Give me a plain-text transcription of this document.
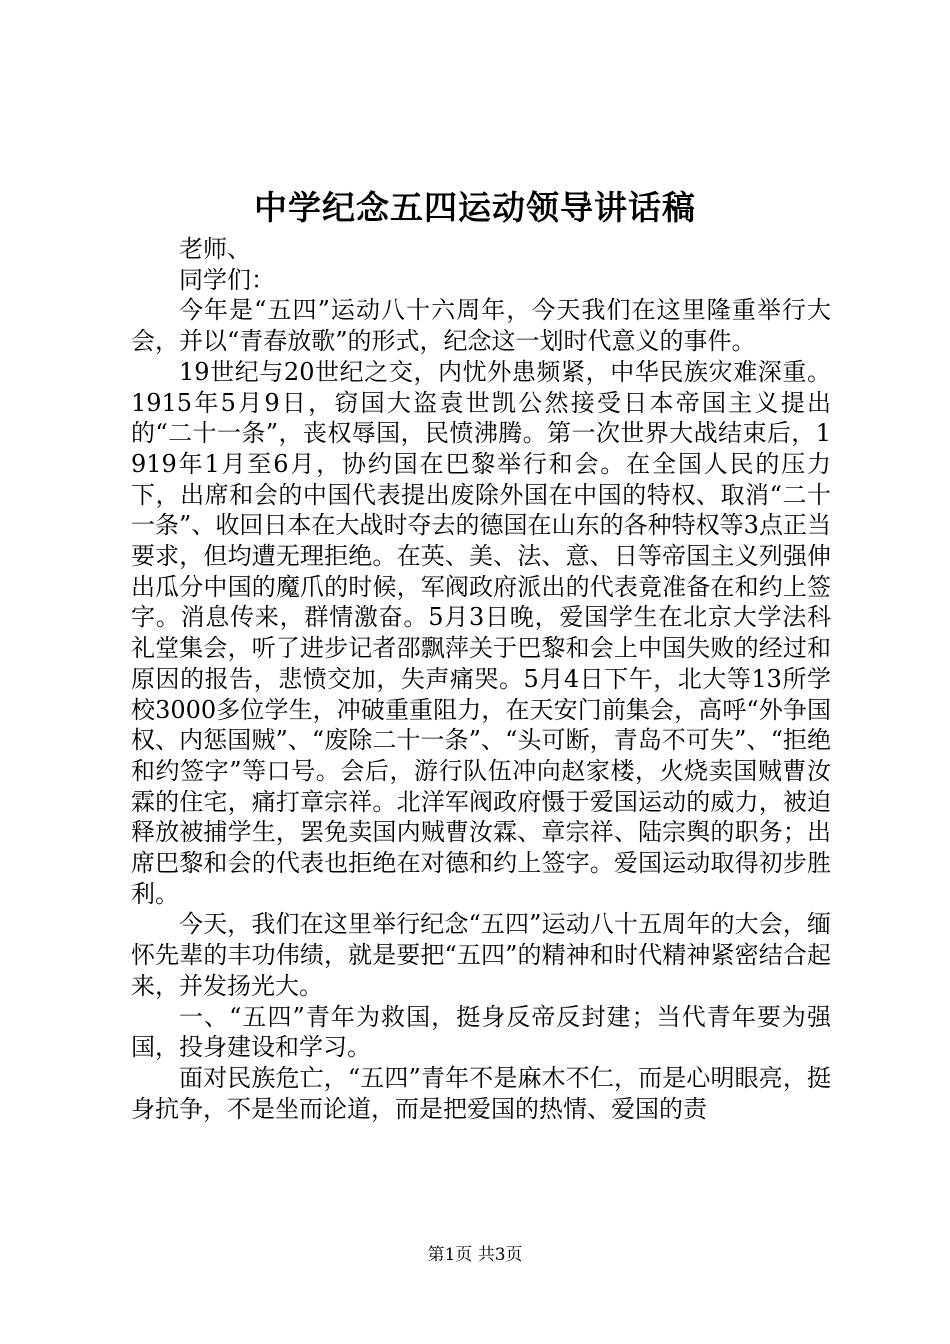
中学纪念五四运动领导讲话稿

老师、

同学们：

今年是“五四”运动八十六周年，今天我们在这里隆重举行大会，并以“青春放歌”的形式，纪念这一划时代意义的事件。

19世纪与20世纪之交，内忧外患频紧，中华民族灾难深重。1915年5月9日，窃国大盗袁世凯公然接受日本帝国主义提出的“二十一条”，丧权辱国，民愤沸腾。第一次世界大战结束后，1919年1月至6月，协约国在巴黎举行和会。在全国人民的压力下，出席和会的中国代表提出废除外国在中国的特权、取消“二十一条”、收回日本在大战时夺去的德国在山东的各种特权等3点正当要求，但均遭无理拒绝。在英、美、法、意、日等帝国主义列强伸出瓜分中国的魔爪的时候，军阀政府派出的代表竟准备在和约上签字。消息传来，群情激奋。5月3日晚，爱国学生在北京大学法科礼堂集会，听了进步记者邵飘萍关于巴黎和会上中国失败的经过和原因的报告，悲愤交加，失声痛哭。5月4日下午，北大等13所学校3000多位学生，冲破重重阻力，在天安门前集会，高呼“外争国权、内惩国贼”、“废除二十一条”、“头可断，青岛不可失”、“拒绝和约签字”等口号。会后，游行队伍冲向赵家楼，火烧卖国贼曹汝霖的住宅，痛打章宗祥。北洋军阀政府慑于爱国运动的威力，被迫释放被捕学生，罢免卖国内贼曹汝霖、章宗祥、陆宗舆的职务；出席巴黎和会的代表也拒绝在对德和约上签字。爱国运动取得初步胜利。

今天，我们在这里举行纪念“五四”运动八十五周年的大会，缅怀先辈的丰功伟绩，就是要把“五四”的精神和时代精神紧密结合起来，并发扬光大。

一、“五四”青年为救国，挺身反帝反封建；当代青年要为强国，投身建设和学习。

面对民族危亡，“五四”青年不是麻木不仁，而是心明眼亮，挺身抗争，不是坐而论道，而是把爱国的热情、爱国的责

第1页 共3页
